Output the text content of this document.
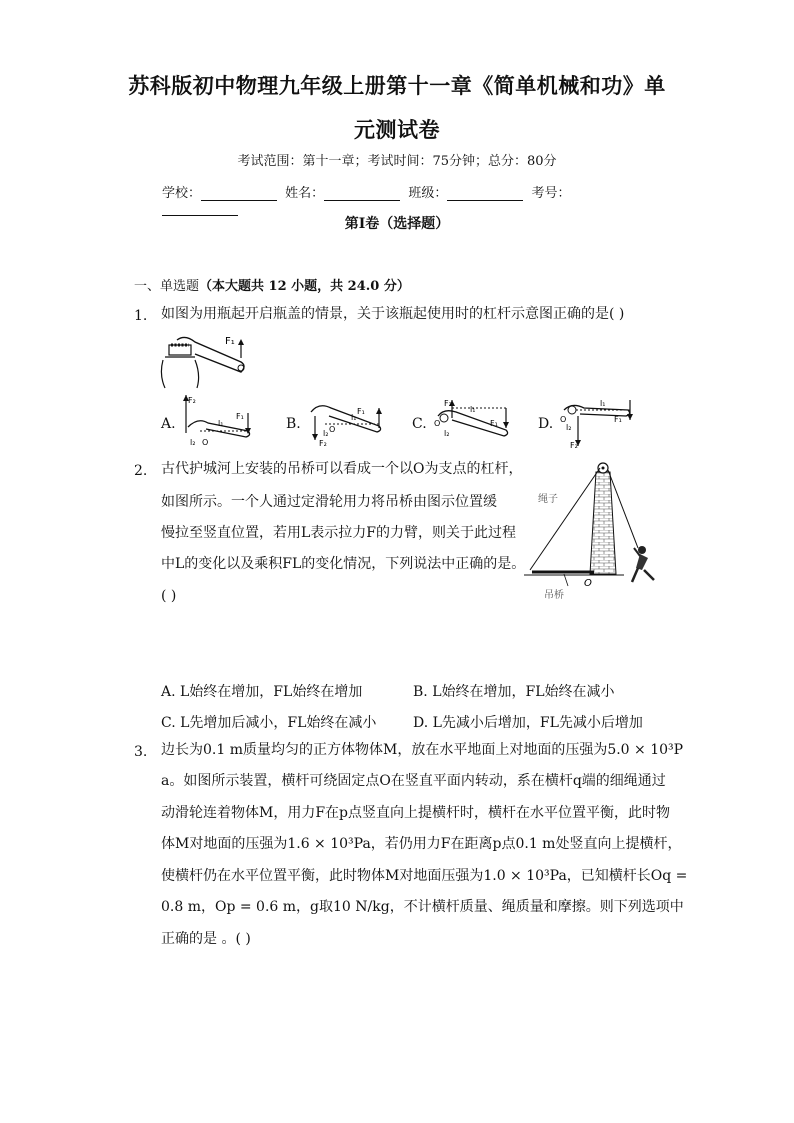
苏科版初中物理九年级上册第十一章《简单机械和功》单
元测试卷
考试范围：第十一章；考试时间：75分钟；总分：80分
学校：	姓名：	班级：	考号：
第Ⅰ卷（选择题）
一、单选题（本大题共 12 小题，共 24.0 分）
1. 如图为用瓶起开启瓶盖的情景，关于该瓶起使用时的杠杆示意图正确的是( )
F₁
A.
F₂
F₁
l₁
l₂ O
B.
F₁
F₂
l₂ O
l₁	C.
F₂
F₁
l₁
O
l₂
D.
l₁
F₁
O
l₂
F₂
2. 古代护城河上安装的吊桥可以看成一个以O为支点的杠杆，
如图所示。一个人通过定滑轮用力将吊桥由图示位置缓
慢拉至竖直位置，若用L表示拉力F的力臂，则关于此过程
中L的变化以及乘积FL的变化情况，下列说法中正确的是。
( )
绳子
吊桥
O
A. L始终在增加，FL始终在增加	B. L始终在增加，FL始终在减小
C. L先增加后减小，FL始终在减小	D. L先减小后增加，FL先减小后增加
3. 边长为0.1 m质量均匀的正方体物体M，放在水平地面上对地面的压强为5.0 × 10³P
a。如图所示装置，横杆可绕固定点O在竖直平面内转动，系在横杆q端的细绳通过
动滑轮连着物体M，用力F在p点竖直向上提横杆时，横杆在水平位置平衡，此时物
体M对地面的压强为1.6 × 10³Pa，若仍用力F在距离p点0.1 m处竖直向上提横杆，
使横杆仍在水平位置平衡，此时物体M对地面压强为1.0 × 10³Pa，已知横杆长Oq =
0.8 m，Op = 0.6 m，g取10 N/kg，不计横杆质量、绳质量和摩擦。则下列选项中
正确的是 。( )
